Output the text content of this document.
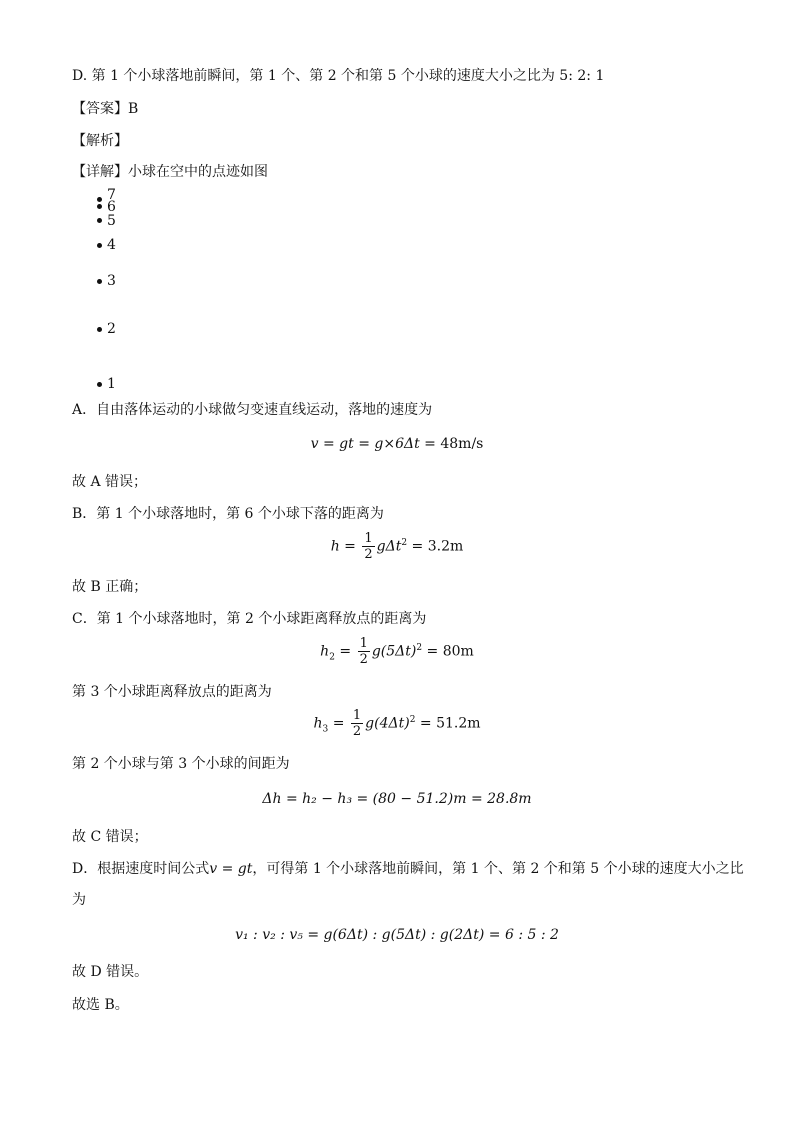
D. 第 1 个小球落地前瞬间，第 1 个、第 2 个和第 5 个小球的速度大小之比为 5: 2: 1
【答案】B
【解析】
【详解】小球在空中的点迹如图
7
6
5
4
3
2
1
A．自由落体运动的小球做匀变速直线运动，落地的速度为
v = gt = g×6Δt = 48m/s
故 A 错误；
B．第 1 个小球落地时，第 6 个小球下落的距离为
$h = \frac{1}{2} g\Delta t^2 = 3.2m$
故 B 正确；
C．第 1 个小球落地时，第 2 个小球距离释放点的距离为
$h_2 = \frac{1}{2} g(5\Delta t)^2 = 80m$
第 3 个小球距离释放点的距离为
$h_3 = \frac{1}{2} g(4\Delta t)^2 = 51.2m$
第 2 个小球与第 3 个小球的间距为
Δh = h₂ − h₃ = (80 − 51.2)m = 28.8m
故 C 错误；
D．根据速度时间公式v = gt，可得第 1 个小球落地前瞬间，第 1 个、第 2 个和第 5 个小球的速度大小之比
为
v₁ : v₂ : v₅ = g(6Δt) : g(5Δt) : g(2Δt) = 6 : 5 : 2
故 D 错误。
故选 B。
